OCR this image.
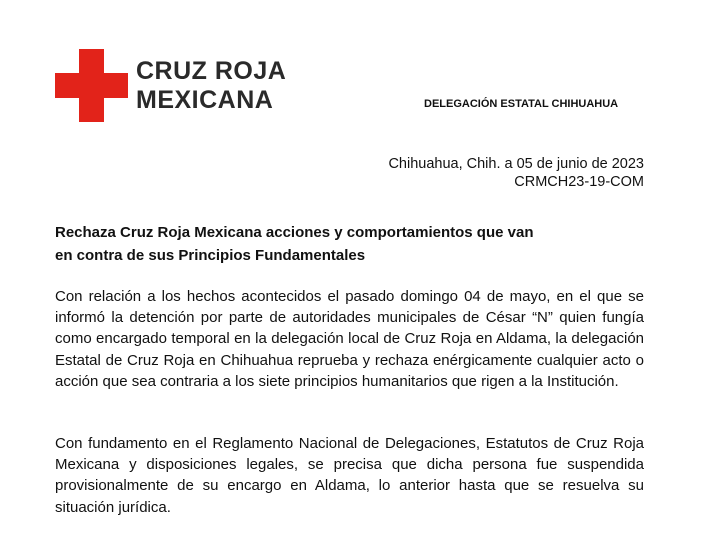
CRUZ ROJA
MEXICANA	DELEGACIÓN ESTATAL CHIHUAHUA
Chihuahua, Chih. a 05 de junio de 2023
CRMCH23-19-COM
Rechaza Cruz Roja Mexicana acciones y comportamientos que van
en contra de sus Principios Fundamentales
Con relación a los hechos acontecidos el pasado domingo 04 de mayo, en el que se informó la detención por parte de autoridades municipales de César “N” quien fungía como encargado temporal en la delegación local de Cruz Roja en Aldama, la delegación Estatal de Cruz Roja en Chihuahua reprueba y rechaza enérgicamente cualquier acto o acción que sea contraria a los siete principios humanitarios que rigen a la Institución.
Con fundamento en el Reglamento Nacional de Delegaciones, Estatutos de Cruz Roja Mexicana y disposiciones legales, se precisa que dicha persona fue suspendida provisionalmente de su encargo en Aldama, lo anterior hasta que se resuelva su situación jurídica.
